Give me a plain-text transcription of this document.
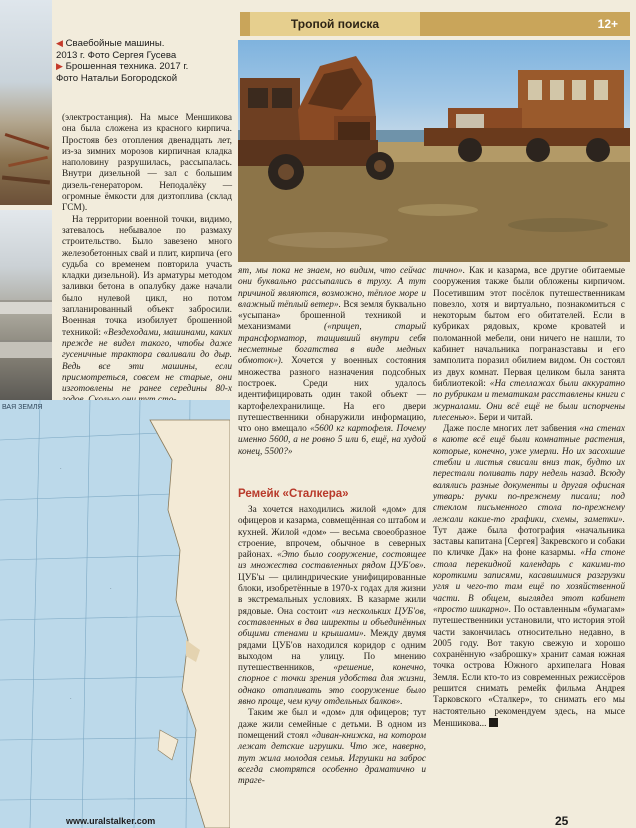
◀ Свaебойные машины.
2013 г. Фото Сергея Гусева
▶ Брошенная техника. 2017 г.
Фото Натальи Богородской
Тропой поиска	12+

(электростанция). На мысе Меншикова она была сложена из красного кирпича. Простояв без отопления двенадцать лет, из-за зимних морозов кирпичная кладка наполовину разрушилась, рассыпалась. Внутри дизельной — зал с большим дизель-генератором. Неподалёку — огромные ёмкости для дизтоплива (склад ГСМ).

На территории военной точки, видимо, затевалось небывалое по размаху строительство. Было завезено много железобетонных свай и плит, кирпича (его судьба со временем повторила участь кладки дизельной). Из арматуры методом заливки бетона в опалубку даже начали было нулевой цикл, но потом запланированный объект забросили. Военная точка изобилует брошенной техникой: «Вездеходами, машинами, каких прежде не видел такого, чтобы даже гусеничные трактора сваливали до дыр. Ведь все эти машины, если присмотреться, совсем не старые, они изготовлены не ранее середины 80-х

ят, мы пока не знаем, но видим, что сейчас они буквально рассыпались в труху. А тут причиной являются, возможно, тёплое море и влажный тёплый ветер». Вся земля буквально «усыпана» брошенной техникой и механизмами	(«прицеп, старый трансформатор, тащивший внутри себя несметные богатства в виде медных обмоток»). Хочется у военных состояния множества разного назначения подсобных построек. Среди них удалось идентифицировать один такой объект — картофелехранилище. На его двери путешественники обнаружили информацию, что оно вмещало «5600 кг картофеля. Почему именно 5600, а не ровно 5 или 6, ещё, на худой конец, 5500?»

Ремейк «Сталкера»

За хочется находились жилой «дом» для офицеров и казарма, совмещённая со штабом и кухней. Жилой «дом» — весьма своеобразное строение, впрочем, обычное в северных районах. «Это было сооружение, состоящее из множества составленных рядом ЦУБ'ов». ЦУБ'ы — цилиндрические унифицированные блоки, изобретённые в 1970-х годах для жизни в экстремальных условиях. В казарме жили рядовые. Она состоит «из нескольких ЦУБ'ов, составленных в два ширекты и объединённых общими стенами и крышами». Между двумя рядами ЦУБ'ов находился коридор с одним выходом на улицу. По мнению путешественников, «решение, конечно, спорное с точки зрения удобства для жизни, однако отапливать это сооружение было явно проще, чем кучу отдельных балков».

Таким же был и «дом» для офицеров; тут даже жили семейные с детьми. В одном из помещений стоял «диван-книжка, на котором лежат детские игрушки. Что же, наверно, тут жила молодая семья. Игрушки на заброс всегда смотрятся особенно драматично и траге-

тично». Как и казарма, все другие обитаемые сооружения также были обложены кирпичом. Посетившим этот посёлок путешественникам повезло, хотя и виртуально, познакомиться с некоторым бытом его обитателей. Если в кубриках рядовых, кроме кроватей и поломанной мебели, они ничего не нашли, то кабинет начальника пограназставы и его замполита поразил обилием видом. Он состоял из двух комнат. Первая целиком была занята библиотекой: «На стеллажах были аккуратно по рубрикам и тематикам расставлены книги с журналами. Они всё ещё не были испорчены плесенью». Бери и читай.

Даже после многих лет забвения «на стенах в каюте всё ещё были комнатные растения, которые, конечно, уже умерли. Но их засохшие стебли и листья свисали вниз так, будто их перестали поливать пару недель назад. Всюду валялись разные документы и другая офисная утварь: ручки по-прежнему писали; под стеклом письменного стола по-прежнему лежали какие-то графики, схемы, заметки». Тут даже была фотография «начальника заставы капитана [Сергея] Закревского и собаки по кличке Дак» на фоне казармы. «На стоне стола перекидной календарь с какими-то короткими записями, касавшимися разгрузки угля и чего-то там ещё по хозяйственной части. В общем, выглядел этот кабинет «просто шикарно». По оставленным «бумагам» путешественники установили, что история этой части закончилась относительно недавно, в 2005 году. Вот такую свежую и хорошо сохранённую «заброшку» хранит самая южная точка острова Южного архипелага Новая Земля. Если кто-то из современных режиссёров решится снимать ремейк фильма Андрея Тарковского «Сталкер», то снимать его мы настоятельно рекомендуем здесь, на мысе Меншикова...

·
·
·
ВАЯ ЗЕМЛЯ
www.uralstalker.com	25
